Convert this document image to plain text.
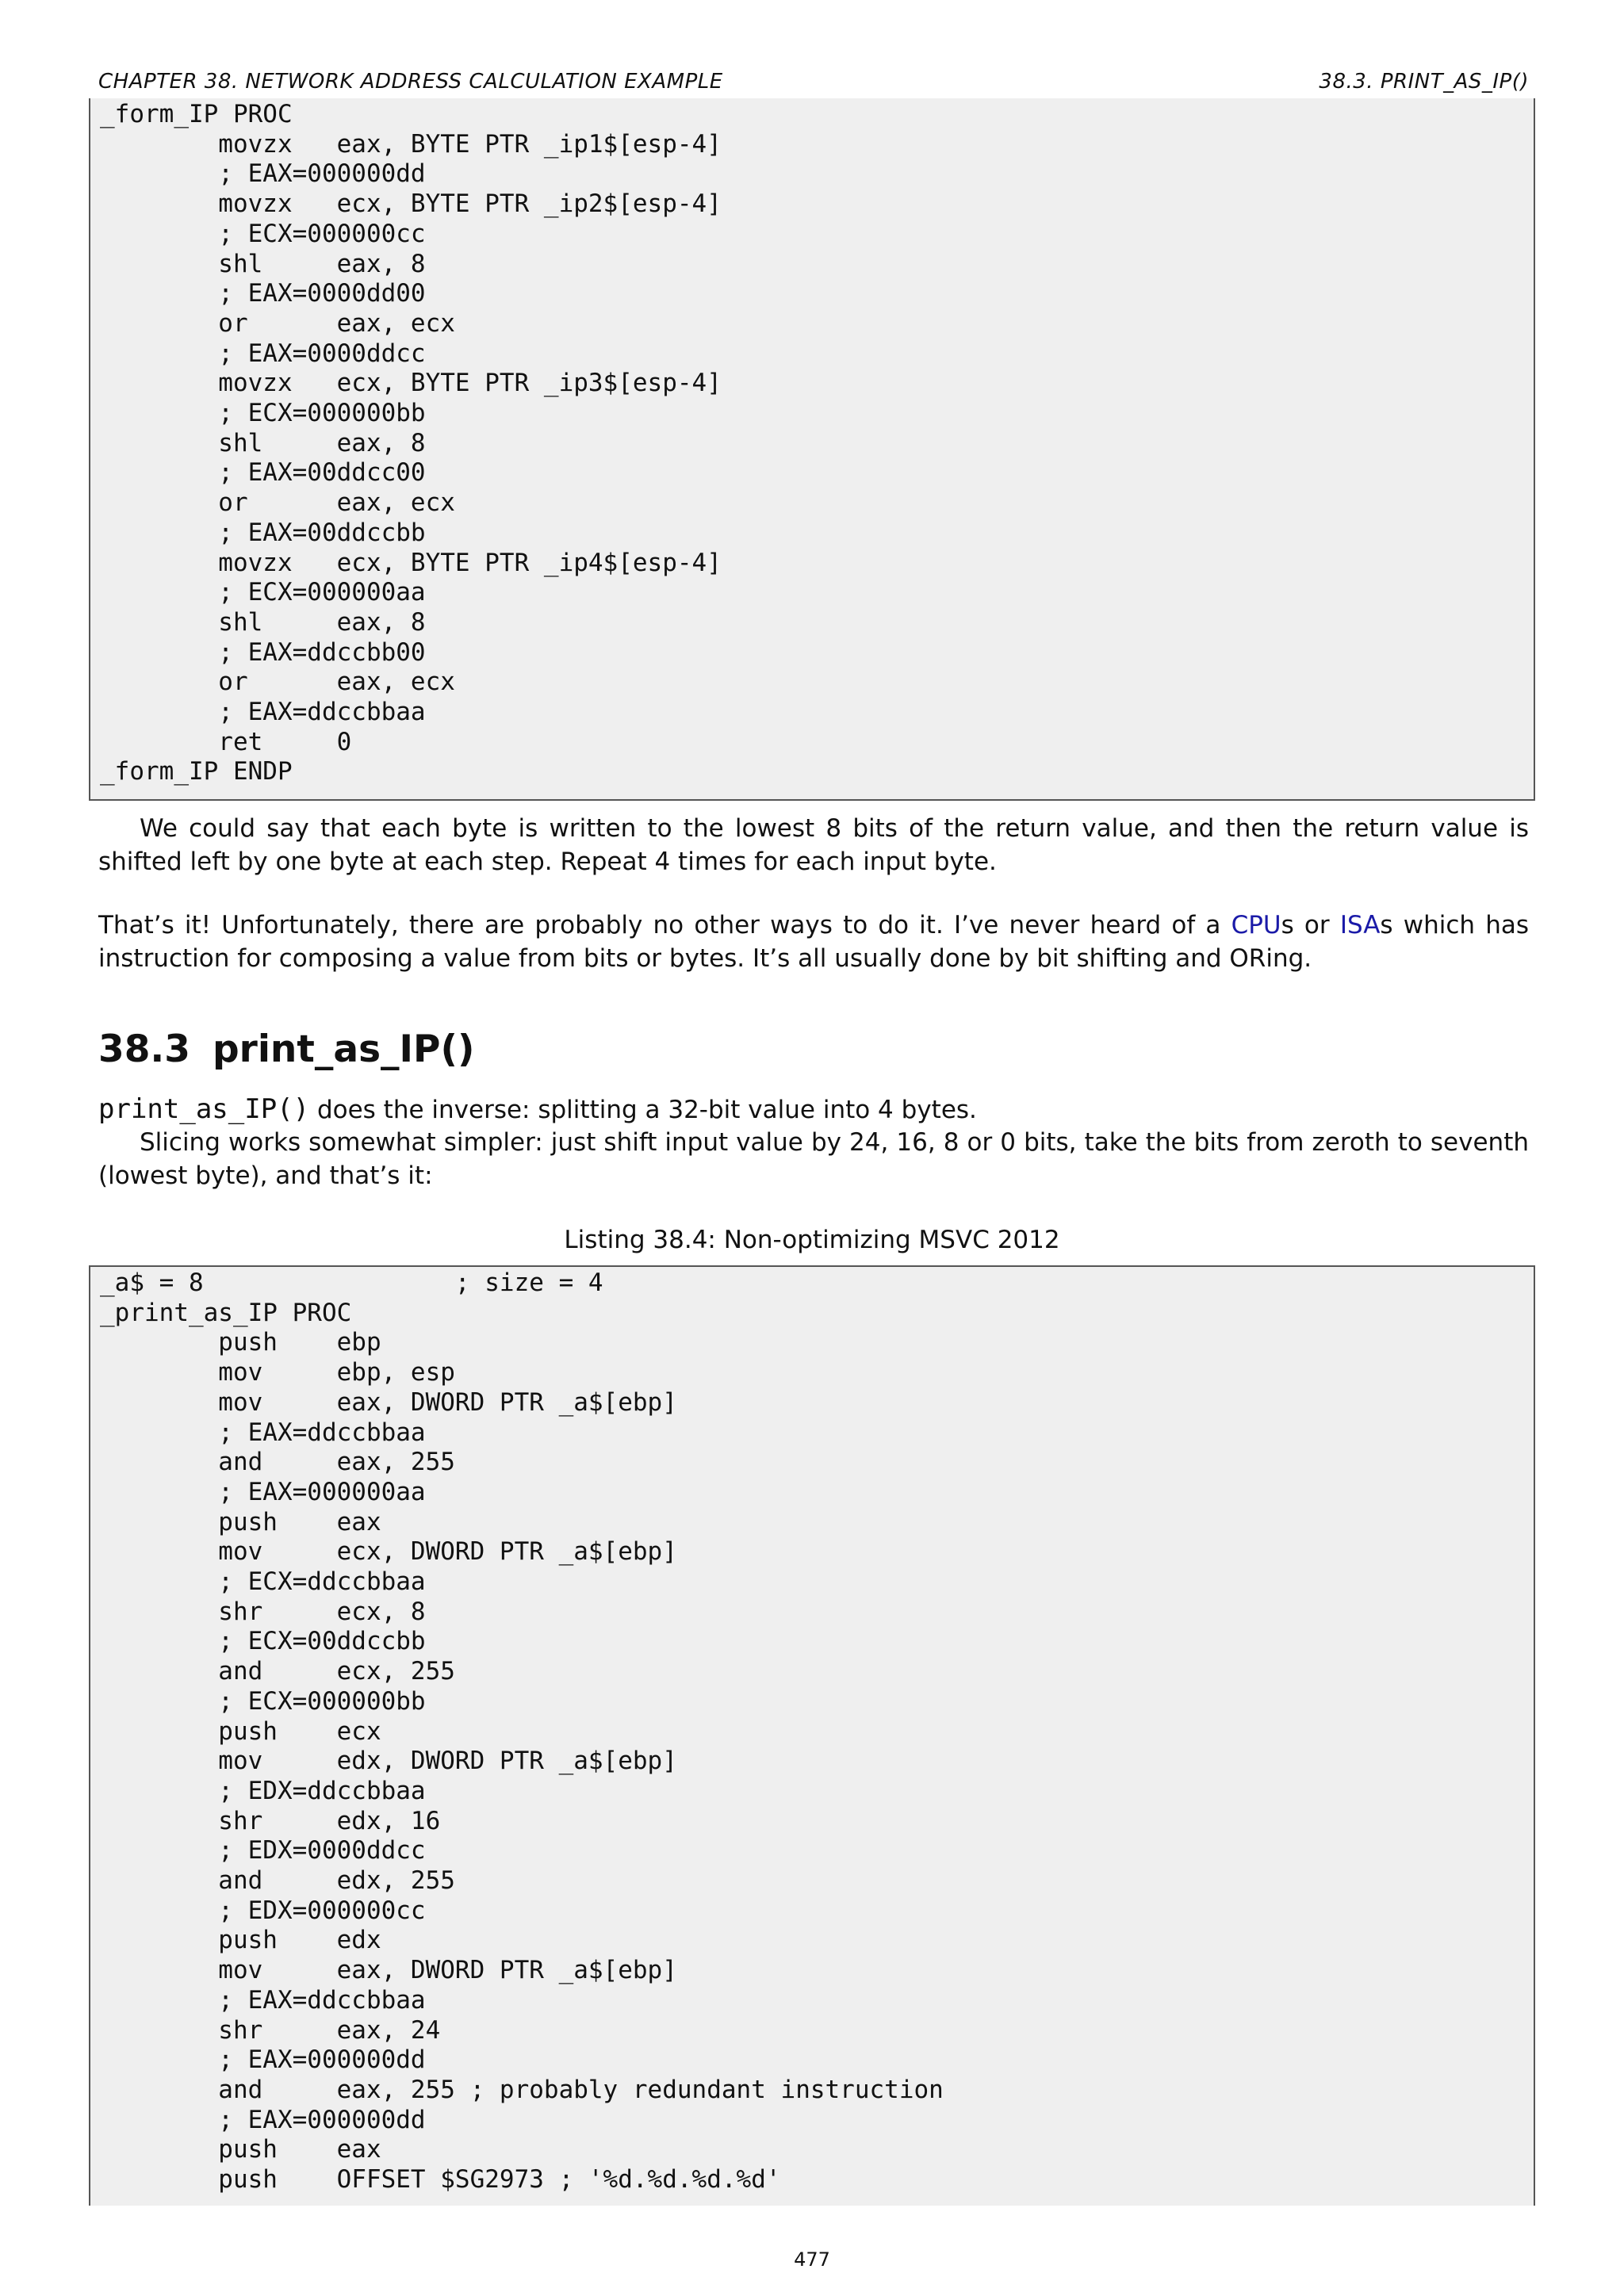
CHAPTER 38. NETWORK ADDRESS CALCULATION EXAMPLE	38.3. PRINT_AS_IP()
_form_IP PROC
movzx   eax, BYTE PTR _ip1$[esp-4]
; EAX=000000dd
movzx   ecx, BYTE PTR _ip2$[esp-4]
; ECX=000000cc
shl     eax, 8
; EAX=0000dd00
or      eax, ecx
; EAX=0000ddcc
movzx   ecx, BYTE PTR _ip3$[esp-4]
; ECX=000000bb
shl     eax, 8
; EAX=00ddcc00
or      eax, ecx
; EAX=00ddccbb
movzx   ecx, BYTE PTR _ip4$[esp-4]
; ECX=000000aa
shl     eax, 8
; EAX=ddccbb00
or      eax, ecx
; EAX=ddccbbaa
ret     0
_form_IP ENDP
We could say that each byte is written to the lowest 8 bits of the return value, and then the return value is shifted left by one byte at each step. Repeat 4 times for each input byte.
That’s it! Unfortunately, there are probably no other ways to do it. I’ve never heard of a CPUs or ISAs which has instruction for composing a value from bits or bytes. It’s all usually done by bit shifting and ORing.
38.3 print_as_IP()
print_as_IP() does the inverse: splitting a 32-bit value into 4 bytes.
Slicing works somewhat simpler: just shift input value by 24, 16, 8 or 0 bits, take the bits from zeroth to seventh (lowest byte), and that’s it:
Listing 38.4: Non-optimizing MSVC 2012
_a$ = 8                 ; size = 4
_print_as_IP PROC
push    ebp
mov     ebp, esp
mov     eax, DWORD PTR _a$[ebp]
; EAX=ddccbbaa
and     eax, 255
; EAX=000000aa
push    eax
mov     ecx, DWORD PTR _a$[ebp]
; ECX=ddccbbaa
shr     ecx, 8
; ECX=00ddccbb
and     ecx, 255
; ECX=000000bb
push    ecx
mov     edx, DWORD PTR _a$[ebp]
; EDX=ddccbbaa
shr     edx, 16
; EDX=0000ddcc
and     edx, 255
; EDX=000000cc
push    edx
mov     eax, DWORD PTR _a$[ebp]
; EAX=ddccbbaa
shr     eax, 24
; EAX=000000dd
and     eax, 255 ; probably redundant instruction
; EAX=000000dd
push    eax
push    OFFSET $SG2973 ; '%d.%d.%d.%d'
477
